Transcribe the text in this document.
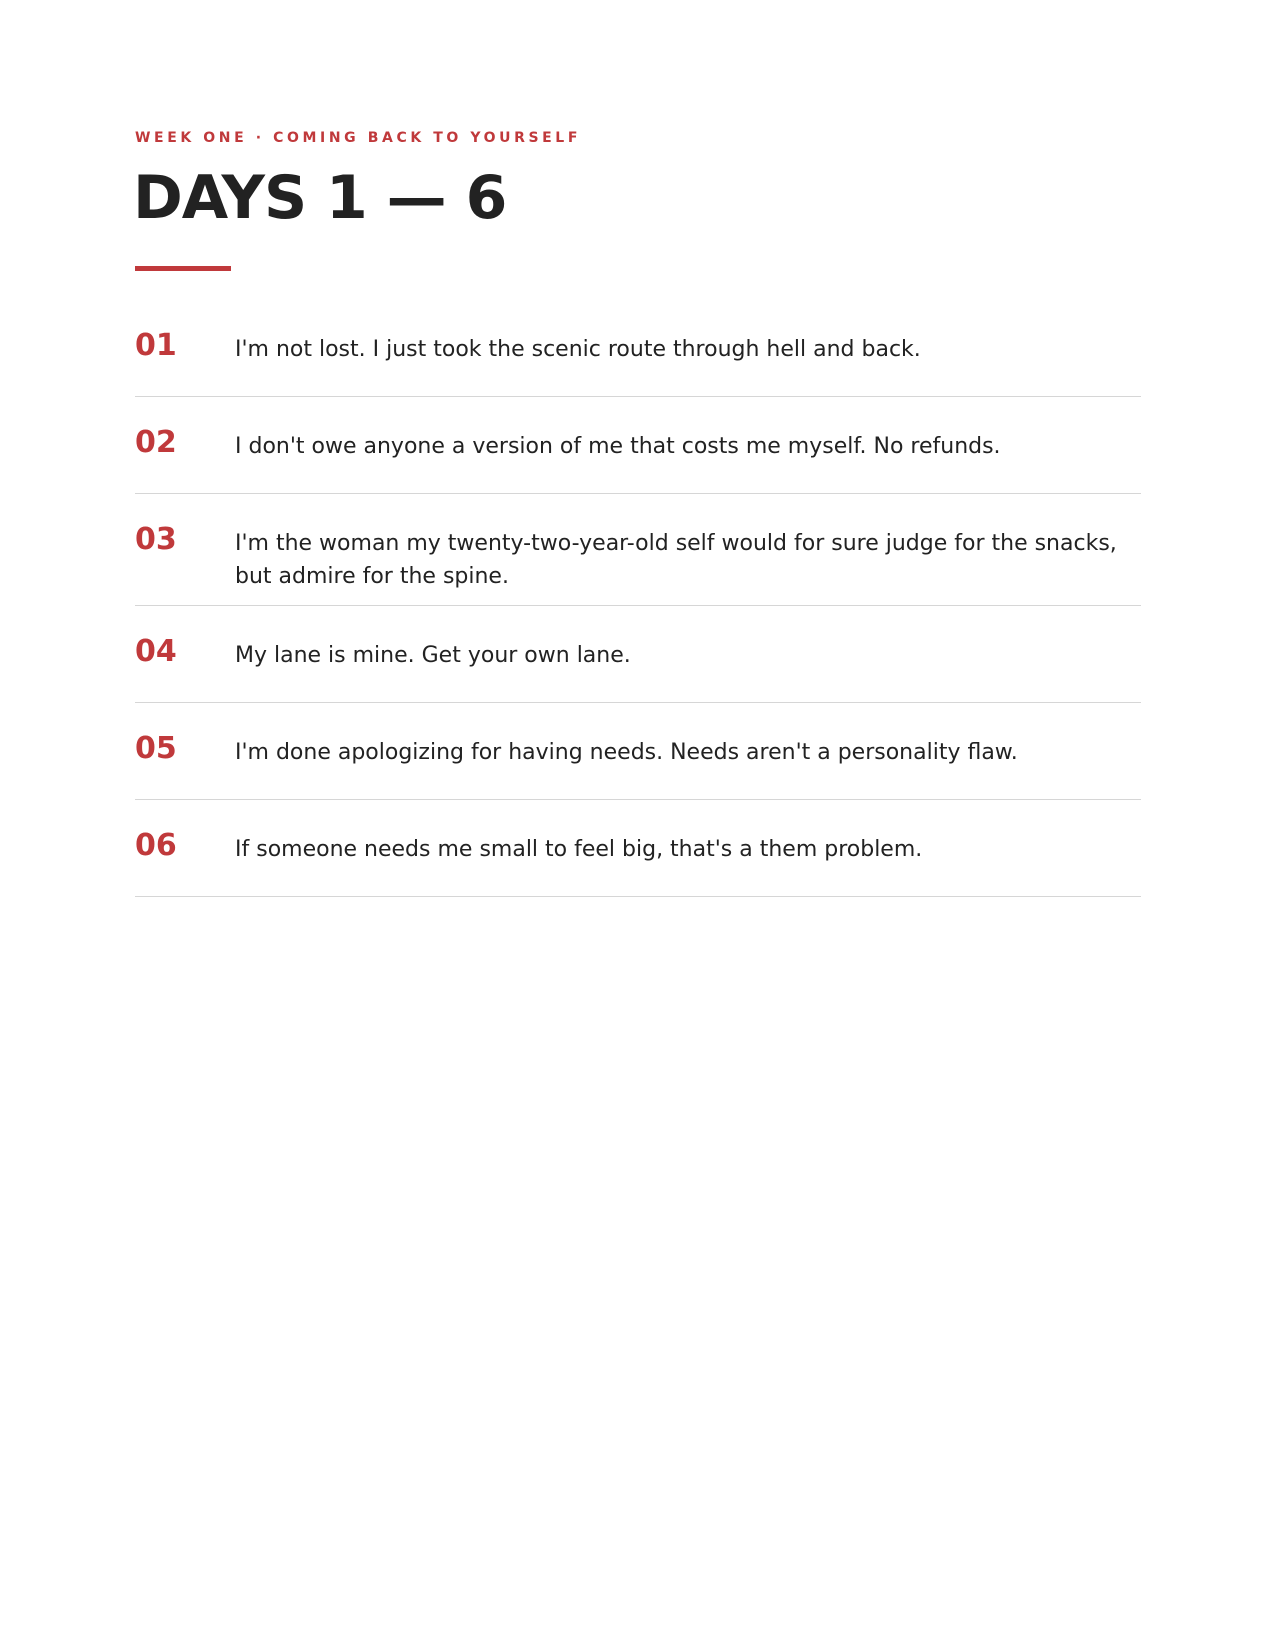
WEEK ONE · COMING BACK TO YOURSELF
DAYS 1 — 6
01	I'm not lost. I just took the scenic route through hell and back.
02	I don't owe anyone a version of me that costs me myself. No refunds.
03	I'm the woman my twenty-two-year-old self would for sure judge for the snacks, but admire for the spine.
04	My lane is mine. Get your own lane.
05	I'm done apologizing for having needs. Needs aren't a personality flaw.
06	If someone needs me small to feel big, that's a them problem.
